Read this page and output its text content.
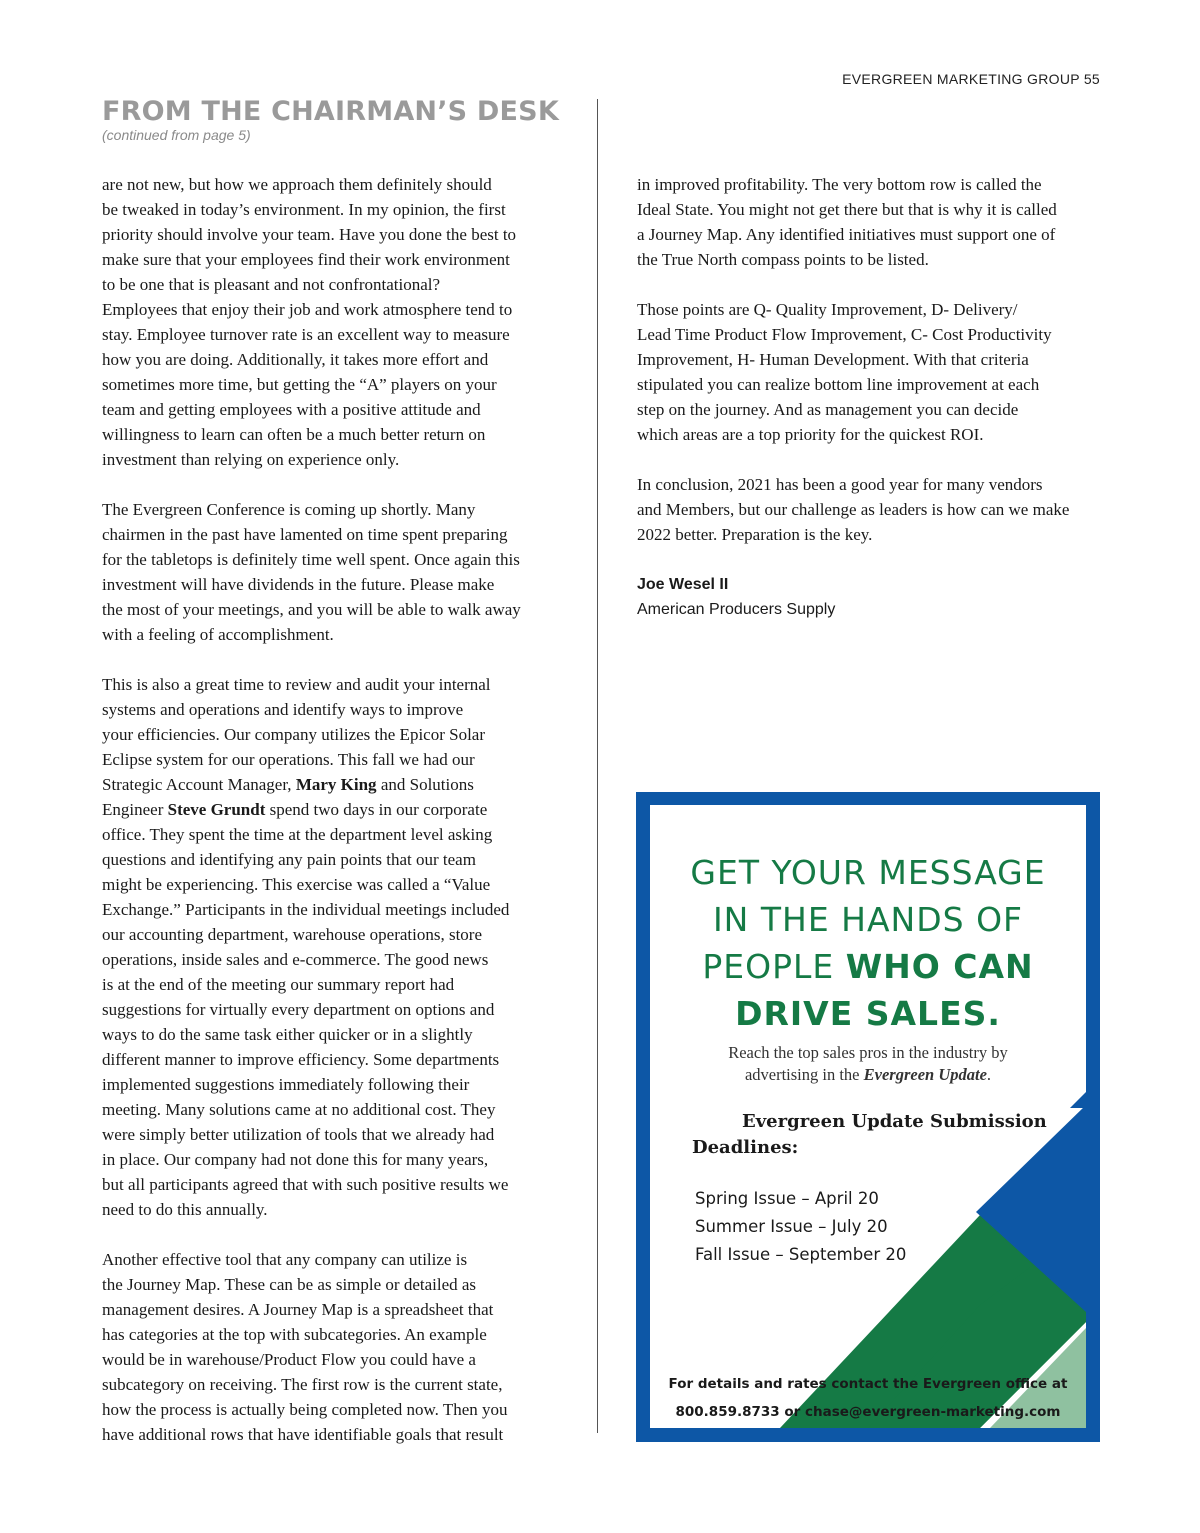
EVERGREEN MARKETING GROUP 55
FROM THE CHAIRMAN’S DESK
(continued from page 5)

are not new, but how we approach them definitely should
be tweaked in today’s environment. In my opinion, the first
priority should involve your team. Have you done the best to
make sure that your employees find their work environment
to be one that is pleasant and not confrontational?
Employees that enjoy their job and work atmosphere tend to
stay. Employee turnover rate is an excellent way to measure
how you are doing. Additionally, it takes more effort and
sometimes more time, but getting the “A” players on your
team and getting employees with a positive attitude and
willingness to learn can often be a much better return on
investment than relying on experience only.

The Evergreen Conference is coming up shortly. Many
chairmen in the past have lamented on time spent preparing
for the tabletops is definitely time well spent. Once again this
investment will have dividends in the future. Please make
the most of your meetings, and you will be able to walk away
with a feeling of accomplishment.

This is also a great time to review and audit your internal
systems and operations and identify ways to improve
your efficiencies. Our company utilizes the Epicor Solar
Eclipse system for our operations. This fall we had our
Strategic Account Manager, Mary King and Solutions
Engineer Steve Grundt spend two days in our corporate
office. They spent the time at the department level asking
questions and identifying any pain points that our team
might be experiencing. This exercise was called a “Value
Exchange.” Participants in the individual meetings included
our accounting department, warehouse operations, store
operations, inside sales and e-commerce. The good news
is at the end of the meeting our summary report had
suggestions for virtually every department on options and
ways to do the same task either quicker or in a slightly
different manner to improve efficiency. Some departments
implemented suggestions immediately following their
meeting. Many solutions came at no additional cost. They
were simply better utilization of tools that we already had
in place. Our company had not done this for many years,
but all participants agreed that with such positive results we
need to do this annually.

Another effective tool that any company can utilize is
the Journey Map. These can be as simple or detailed as
management desires. A Journey Map is a spreadsheet that
has categories at the top with subcategories. An example
would be in warehouse/Product Flow you could have a
subcategory on receiving. The first row is the current state,
how the process is actually being completed now. Then you
have additional rows that have identifiable goals that result

in improved profitability. The very bottom row is called the
Ideal State. You might not get there but that is why it is called
a Journey Map. Any identified initiatives must support one of
the True North compass points to be listed.

Those points are Q- Quality Improvement, D- Delivery/
Lead Time Product Flow Improvement, C- Cost Productivity
Improvement, H- Human Development. With that criteria
stipulated you can realize bottom line improvement at each
step on the journey. And as management you can decide
which areas are a top priority for the quickest ROI.

In conclusion, 2021 has been a good year for many vendors
and Members, but our challenge as leaders is how can we make
2022 better. Preparation is the key.

Joe Wesel II
American Producers Supply
GET YOUR MESSAGE
IN THE HANDS OF
PEOPLE WHO CAN
DRIVE SALES.
Reach the top sales pros in the industry by
advertising in the Evergreen Update.
Evergreen Update Submission Deadlines:
Spring Issue – April 20
Summer Issue – July 20
Fall Issue – September 20
For details and rates contact the Evergreen office at
800.859.8733 or chase@evergreen-marketing.com
